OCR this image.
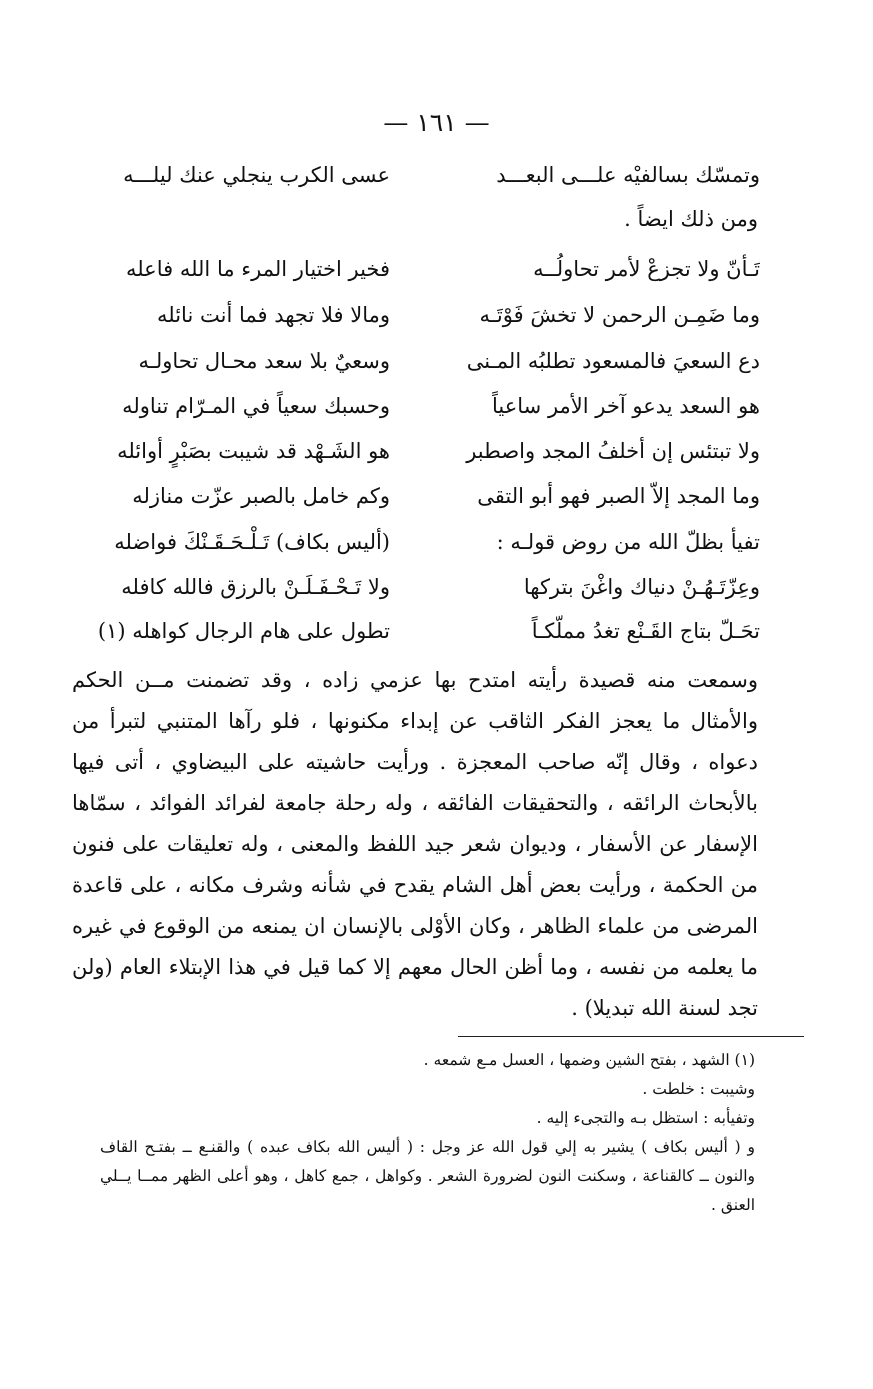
— ١٦١ —
وتمسّك بسالفيْه علـــى البعـــد
عسى الكرب ينجلي عنك ليلـــه
ومن ذلك ايضاً .
تَـأنّ ولا تجزعْ لأمر تحاولُــه
فخير اختيار المرء ما الله فاعله
وما ضَمِـن الرحمن لا تخشَ فَوْتَـه
ومالا فلا تجهد فما أنت نائله
دع السعيَ فالمسعود تطلبُه المـنى
وسعيٌ بلا سعد محـال تحاولـه
هو السعد يدعو آخر الأمر ساعياً
وحسبك سعياً في المـرّام تناوله
ولا تبتئس إن أخلفُ المجد واصطبر
هو الشَـهْد قد شيبت بصَبْرٍ أوائله
وما المجد إلاّ الصبر فهو أبو التقى
وكم خامل بالصبر عزّت منازله
تفيأ بظلّ الله من روض قولـه :
(أليس بكاف) تَـلْـحَـقَـنْكَ فواضله
وعِزّتَـهُـنْ دنياك واغْنَ بتركها
ولا تَـحْـفَـلَـنْ بالرزق فالله كافله
تحَـلّ بتاج القَـنْع تغدُ مملّكـاً
تطول على هام الرجال كواهله (١)
وسمعت منه قصيدة رأيته امتدح بها عزمي زاده ، وقد تضمنت مــن الحكم والأمثال ما يعجز الفكر الثاقب عن إبداء مكنونها ، فلو رآها المتنبي لتبرأ من دعواه ، وقال إنّه صاحب المعجزة . ورأيت حاشيته على البيضاوي ، أتى فيها بالأبحاث الرائقه ، والتحقيقات الفائقه ، وله رحلة جامعة لفرائد الفوائد ، سمّاها الإسفار عن الأسفار ، وديوان شعر جيد اللفظ والمعنى ، وله تعليقات على فنون من الحكمة ، ورأيت بعض أهل الشام يقدح في شأنه وشرف مكانه ، على قاعدة المرضى من علماء الظاهر ، وكان الأوْلى بالإنسان ان يمنعه من الوقوع في غيره ما يعلمه من نفسه ، وما أظن الحال معهم إلا كما قيل في هذا الإبتلاء العام (ولن تجد لسنة الله تبديلا) .

(١) الشهد ، بفتح الشين وضمها ، العسل مـع شمعه .

وشيبت : خلطت .

وتفيأبه : استظل بـه والتجىء إليه .

و ( أليس بكاف ) يشير به إلي قول الله عز وجل : ( أليس الله بكاف عبده ) والقنـع ــ بفتـح القاف والنون ــ كالقناعة ، وسكنت النون لضرورة الشعر . وكواهل ، جمع كاهل ، وهو أعلى الظهر ممــا يــلي العنق .
